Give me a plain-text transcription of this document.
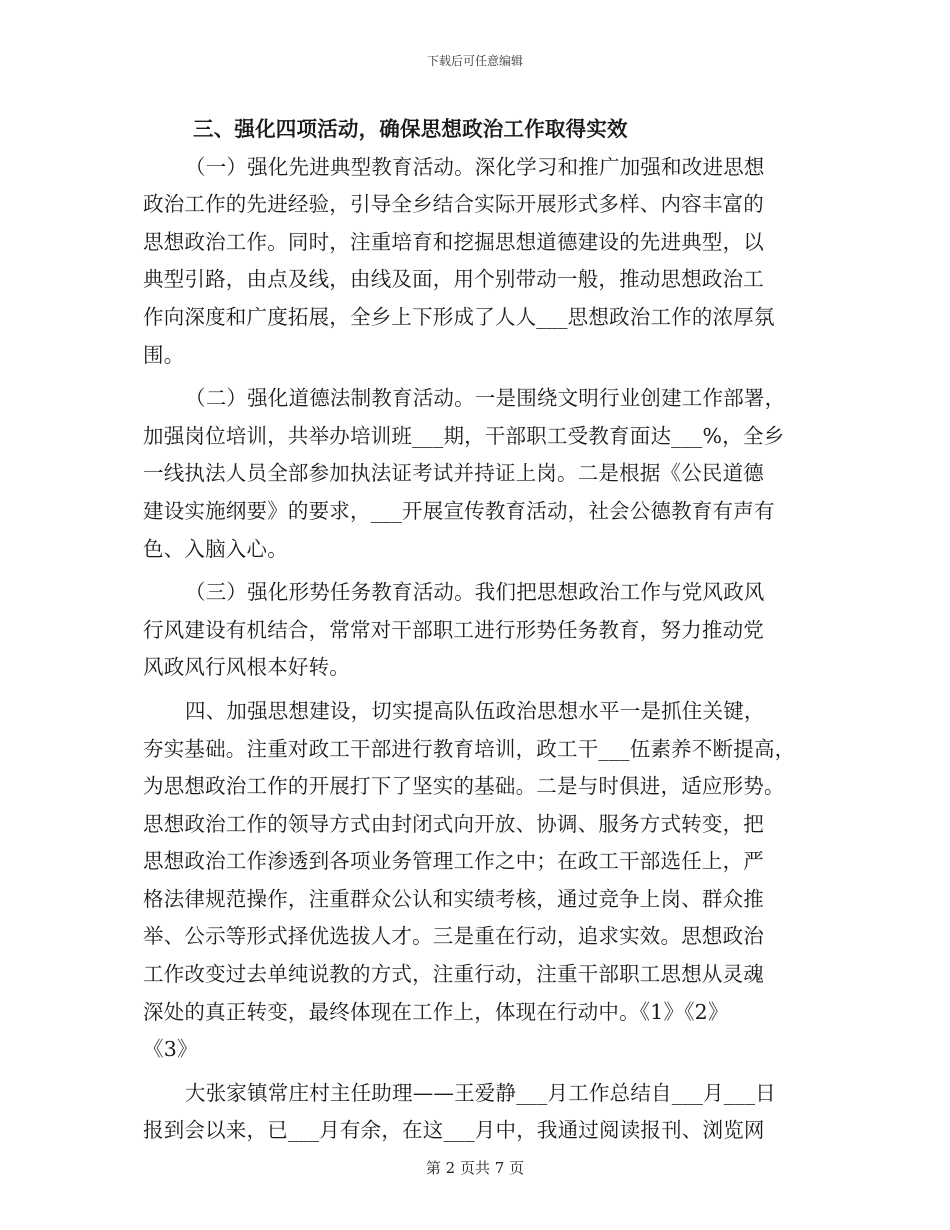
下载后可任意编辑
三、强化四项活动，确保思想政治工作取得实效
（一）强化先进典型教育活动。深化学习和推广加强和改进思想
政治工作的先进经验，引导全乡结合实际开展形式多样、内容丰富的
思想政治工作。同时，注重培育和挖掘思想道德建设的先进典型，以
典型引路，由点及线，由线及面，用个别带动一般，推动思想政治工
作向深度和广度拓展，全乡上下形成了人人___思想政治工作的浓厚氛
围。
（二）强化道德法制教育活动。一是围绕文明行业创建工作部署，
加强岗位培训，共举办培训班___期，干部职工受教育面达___%，全乡
一线执法人员全部参加执法证考试并持证上岗。二是根据《公民道德
建设实施纲要》的要求，___开展宣传教育活动，社会公德教育有声有
色、入脑入心。
（三）强化形势任务教育活动。我们把思想政治工作与党风政风
行风建设有机结合，常常对干部职工进行形势任务教育，努力推动党
风政风行风根本好转。
四、加强思想建设，切实提高队伍政治思想水平一是抓住关键，
夯实基础。注重对政工干部进行教育培训，政工干___伍素养不断提高，
为思想政治工作的开展打下了坚实的基础。二是与时俱进，适应形势。
思想政治工作的领导方式由封闭式向开放、协调、服务方式转变，把
思想政治工作渗透到各项业务管理工作之中；在政工干部选任上，严
格法律规范操作，注重群众公认和实绩考核，通过竞争上岗、群众推
举、公示等形式择优选拔人才。三是重在行动，追求实效。思想政治
工作改变过去单纯说教的方式，注重行动，注重干部职工思想从灵魂
深处的真正转变，最终体现在工作上，体现在行动中。《1》《2》
《3》
大张家镇常庄村主任助理——王爱静___月工作总结自___月___日
报到会以来，已___月有余，在这___月中，我通过阅读报刊、浏览网
第 2 页共 7 页
